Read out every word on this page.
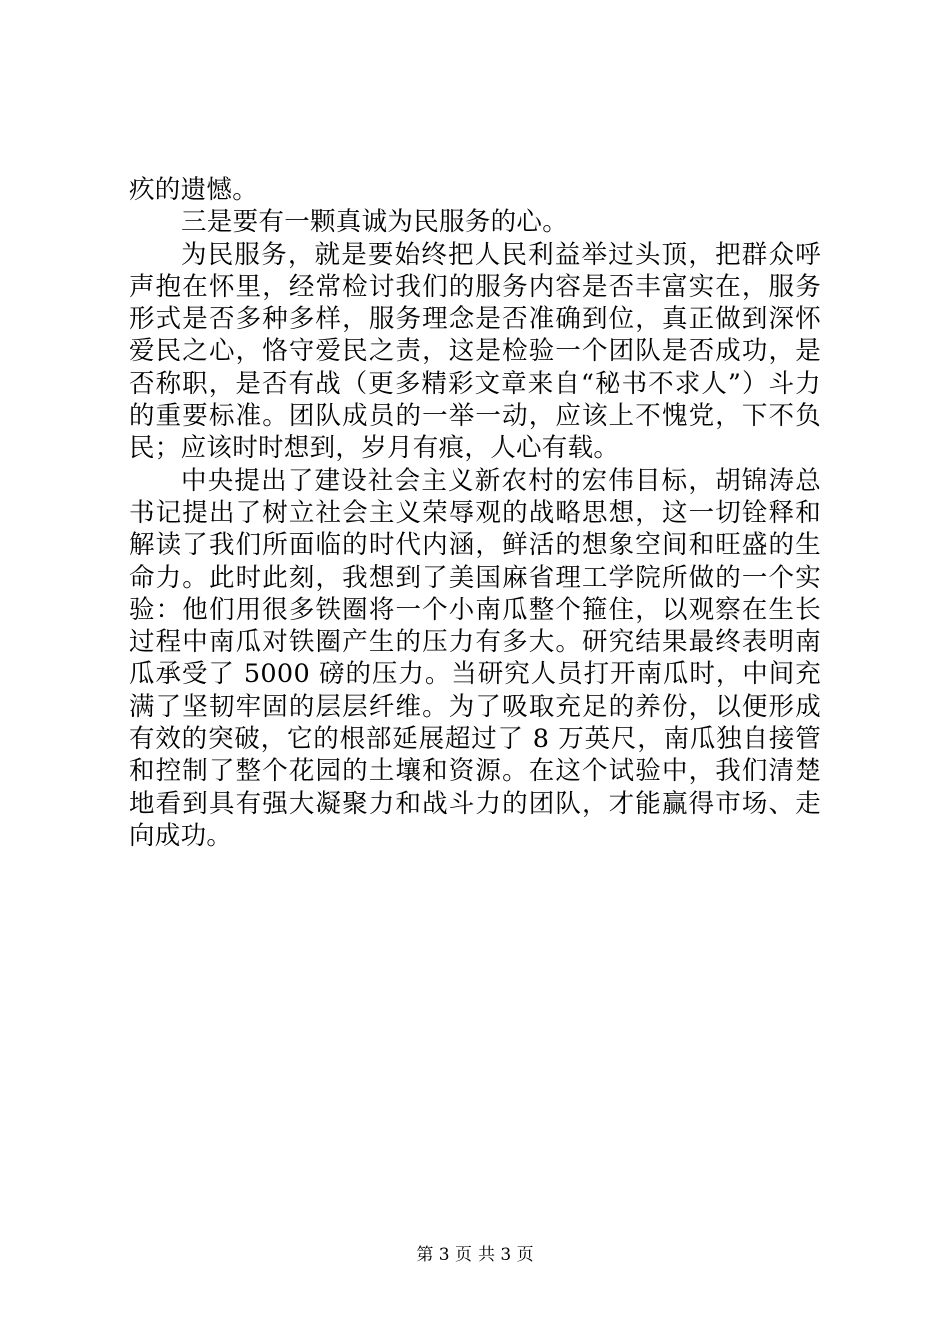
疚的遗憾。

三是要有一颗真诚为民服务的心。

为民服务，就是要始终把人民利益举过头顶，把群众呼声抱在怀里，经常检讨我们的服务内容是否丰富实在，服务形式是否多种多样，服务理念是否准确到位，真正做到深怀爱民之心，恪守爱民之责，这是检验一个团队是否成功，是否称职，是否有战（更多精彩文章来自“秘书不求人”）斗力的重要标准。团队成员的一举一动，应该上不愧党，下不负民；应该时时想到，岁月有痕，人心有载。

中央提出了建设社会主义新农村的宏伟目标，胡锦涛总书记提出了树立社会主义荣辱观的战略思想，这一切铨释和解读了我们所面临的时代内涵，鲜活的想象空间和旺盛的生命力。此时此刻，我想到了美国麻省理工学院所做的一个实验：他们用很多铁圈将一个小南瓜整个箍住，以观察在生长过程中南瓜对铁圈产生的压力有多大。研究结果最终表明南瓜承受了 5000 磅的压力。当研究人员打开南瓜时，中间充满了坚韧牢固的层层纤维。为了吸取充足的养份，以便形成有效的突破，它的根部延展超过了 8 万英尺，南瓜独自接管和控制了整个花园的土壤和资源。在这个试验中，我们清楚地看到具有强大凝聚力和战斗力的团队，才能赢得市场、走向成功。

第 3 页 共 3 页
